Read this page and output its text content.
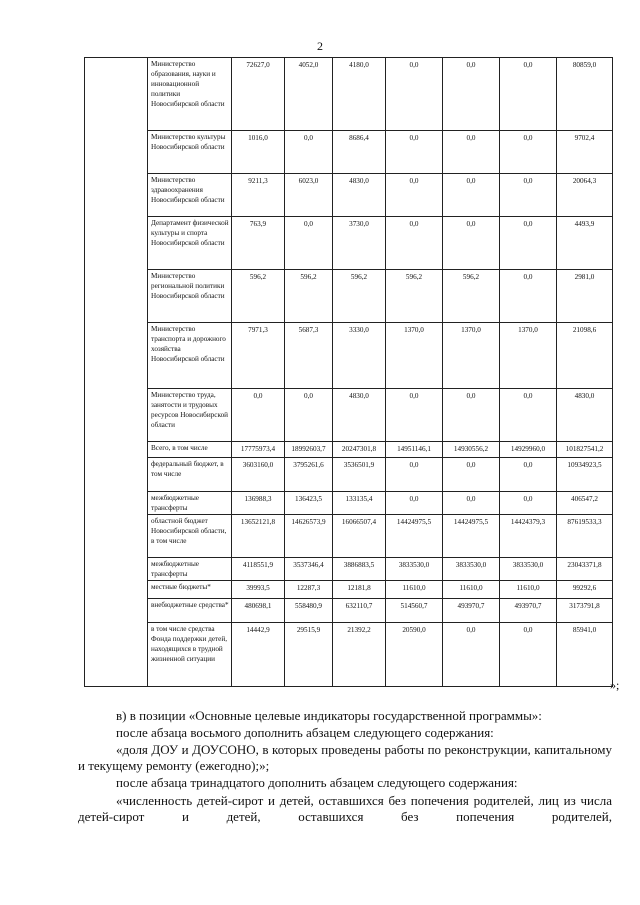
2
	Министерство образования, науки и инновационной политики Новосибирской области	72627,0	4052,0	4180,0	0,0	0,0	0,0	80859,0
	Министерство культуры Новосибирской области	1016,0	0,0	8686,4	0,0	0,0	0,0	9702,4
	Министерство здравоохранения Новосибирской области	9211,3	6023,0	4830,0	0,0	0,0	0,0	20064,3
	Департамент физической культуры и спорта Новосибирской области	763,9	0,0	3730,0	0,0	0,0	0,0	4493,9
	Министерство региональной политики Новосибирской области	596,2	596,2	596,2	596,2	596,2	0,0	2981,0
	Министерство транспорта и дорожного хозяйства Новосибирской области	7971,3	5687,3	3330,0	1370,0	1370,0	1370,0	21098,6
	Министерство труда, занятости и трудовых ресурсов Новосибирской области	0,0	0,0	4830,0	0,0	0,0	0,0	4830,0
	Всего, в том числе	17775973,4	18992603,7	20247301,8	14951146,1	14930556,2	14929960,0	101827541,2
	федеральный бюджет, в том числе	3603160,0	3795261,6	3536501,9	0,0	0,0	0,0	10934923,5
	межбюджетные трансферты	136988,3	136423,5	133135,4	0,0	0,0	0,0	406547,2
	областной бюджет Новосибирской области, в том числе	13652121,8	14626573,9	16066507,4	14424975,5	14424975,5	14424379,3	87619533,3
	межбюджетные трансферты	4118551,9	3537346,4	3886883,5	3833530,0	3833530,0	3833530,0	23043371,8
	местные бюджеты*	39993,5	12287,3	12181,8	11610,0	11610,0	11610,0	99292,6
	внебюджетные средства*	480698,1	558480,9	632110,7	514560,7	493970,7	493970,7	3173791,8
	в том числе средства Фонда поддержки детей, находящихся в трудной жизненной ситуации	14442,9	29515,9	21392,2	20590,0	0,0	0,0	85941,0
»;
в) в позиции «Основные целевые индикаторы государственной программы»:
после абзаца восьмого дополнить абзацем следующего содержания:
«доля ДОУ и ДОУСОНО, в которых проведены работы по реконструкции, капитальному и текущему ремонту (ежегодно);»;
после абзаца тринадцатого дополнить абзацем следующего содержания:
«численность детей-сирот и детей, оставшихся без попечения родителей, лиц из числа детей-сирот и детей, оставшихся без попечения родителей,
